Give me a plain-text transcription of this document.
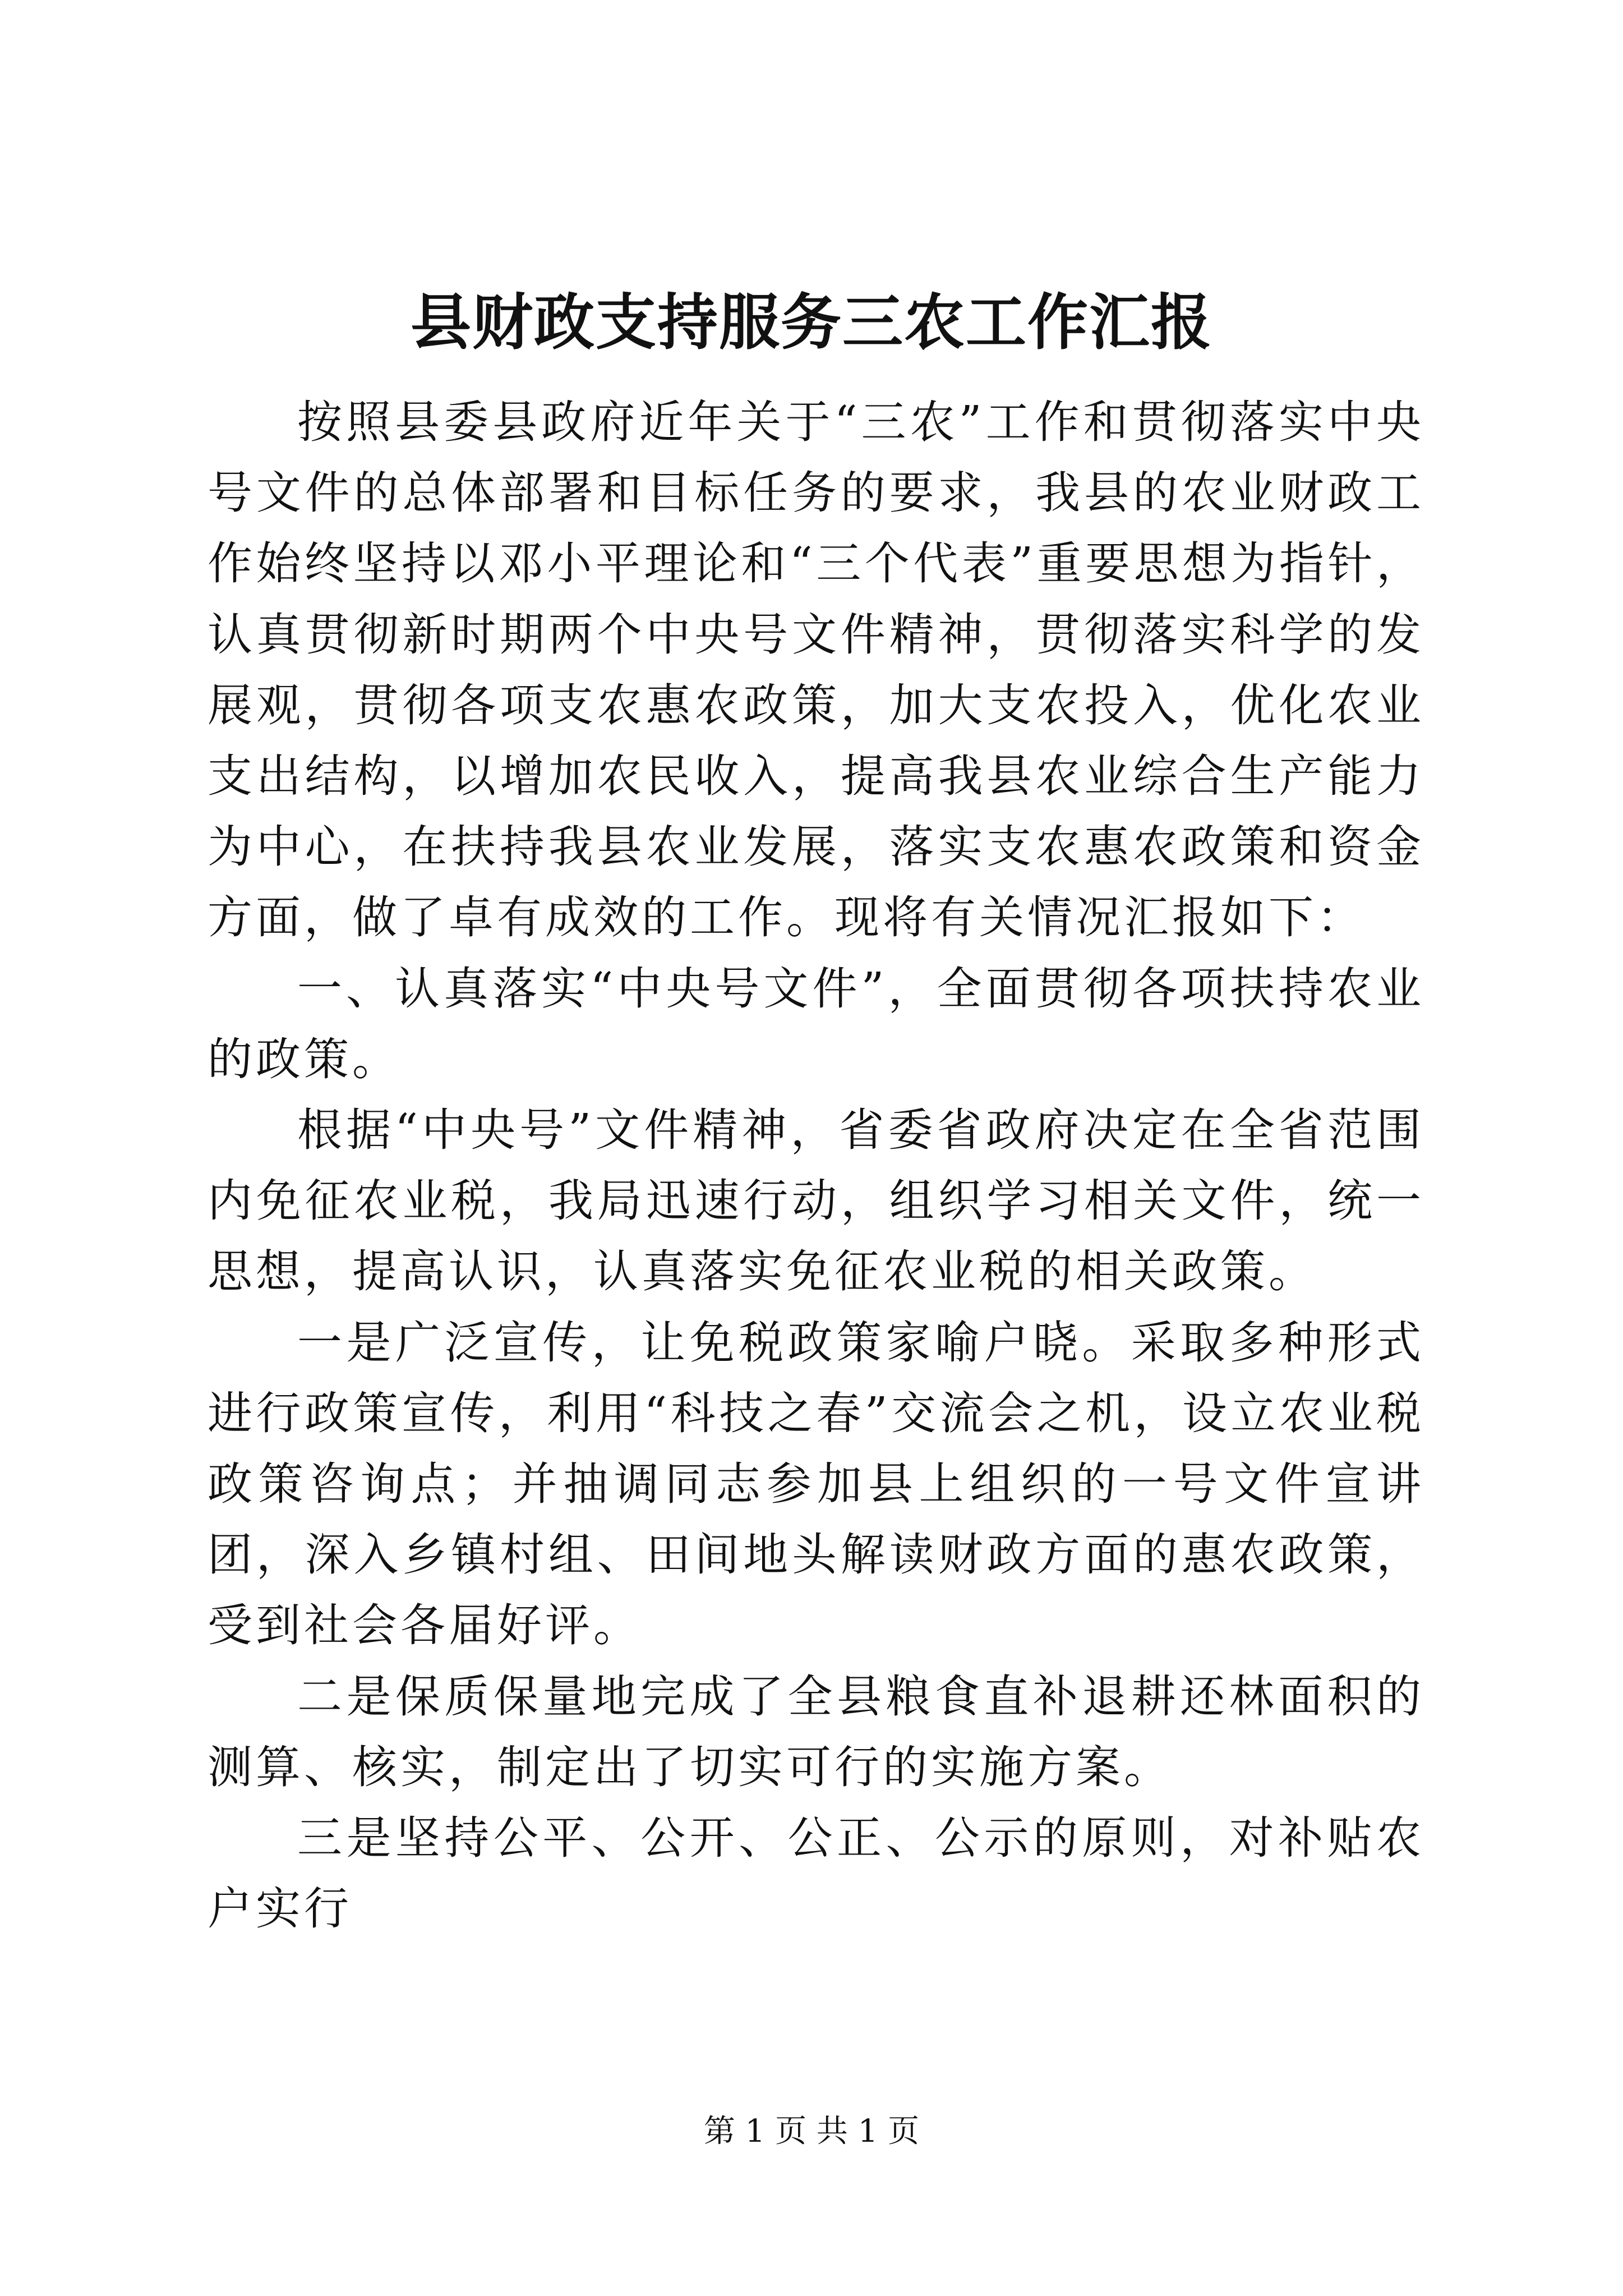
县财政支持服务三农工作汇报

按照县委县政府近年关于“三农”工作和贯彻落实中央号文件的总体部署和目标任务的要求，我县的农业财政工作始终坚持以邓小平理论和“三个代表”重要思想为指针，认真贯彻新时期两个中央号文件精神，贯彻落实科学的发展观，贯彻各项支农惠农政策，加大支农投入，优化农业支出结构，以增加农民收入，提高我县农业综合生产能力为中心，在扶持我县农业发展，落实支农惠农政策和资金方面，做了卓有成效的工作。现将有关情况汇报如下：

一、认真落实“中央号文件”，全面贯彻各项扶持农业的政策。

根据“中央号”文件精神，省委省政府决定在全省范围内免征农业税，我局迅速行动，组织学习相关文件，统一思想，提高认识，认真落实免征农业税的相关政策。

一是广泛宣传，让免税政策家喻户晓。采取多种形式进行政策宣传，利用“科技之春”交流会之机，设立农业税政策咨询点；并抽调同志参加县上组织的一号文件宣讲团，深入乡镇村组、田间地头解读财政方面的惠农政策，受到社会各届好评。

二是保质保量地完成了全县粮食直补退耕还林面积的测算、核实，制定出了切实可行的实施方案。

三是坚持公平、公开、公正、公示的原则，对补贴农户实行

第 1 页 共 1 页
